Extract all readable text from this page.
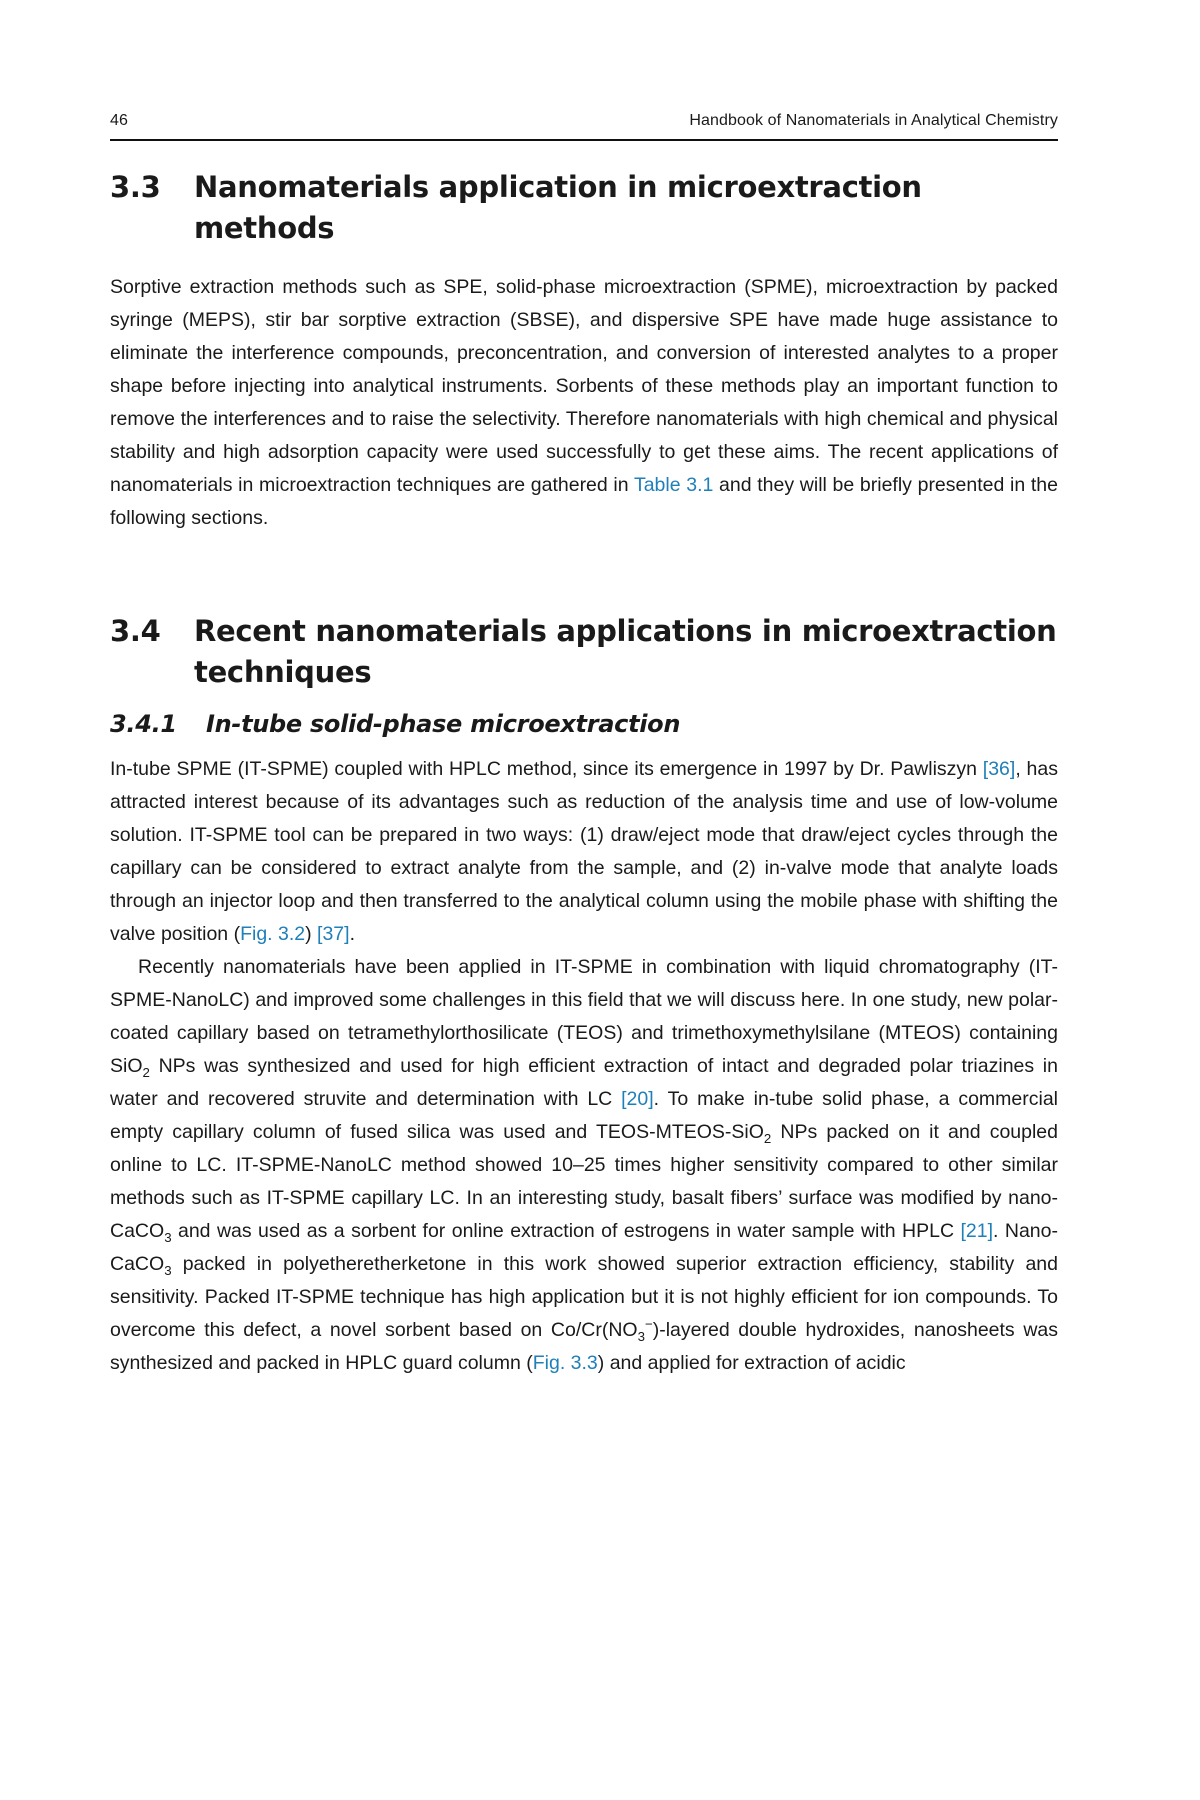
46	Handbook of Nanomaterials in Analytical Chemistry
3.3	Nanomaterials application in microextraction methods

Sorptive extraction methods such as SPE, solid-phase microextraction (SPME), microextraction by packed syringe (MEPS), stir bar sorptive extraction (SBSE), and dispersive SPE have made huge assistance to eliminate the interference compounds, preconcentration, and conversion of interested analytes to a proper shape before injecting into analytical instruments. Sorbents of these methods play an important function to remove the interferences and to raise the selectivity. Therefore nanomaterials with high chemical and physical stability and high adsorption capacity were used successfully to get these aims. The recent applications of nanomaterials in microextraction techniques are gathered in Table 3.1 and they will be briefly presented in the following sections.

3.4	Recent nanomaterials applications in microextraction techniques
3.4.1	In-tube solid-phase microextraction

In-tube SPME (IT-SPME) coupled with HPLC method, since its emergence in 1997 by Dr. Pawliszyn [36], has attracted interest because of its advantages such as reduction of the analysis time and use of low-volume solution. IT-SPME tool can be prepared in two ways: (1) draw/eject mode that draw/eject cycles through the capillary can be considered to extract analyte from the sample, and (2) in-valve mode that analyte loads through an injector loop and then transferred to the analytical column using the mobile phase with shifting the valve position (Fig. 3.2) [37].

Recently nanomaterials have been applied in IT-SPME in combination with liquid chromatography (IT-SPME-NanoLC) and improved some challenges in this field that we will discuss here. In one study, new polar-coated capillary based on tetramethylorthosilicate (TEOS) and trimethoxymethylsilane (MTEOS) containing SiO$_2$ NPs was synthesized and used for high efficient extraction of intact and degraded polar triazines in water and recovered struvite and determination with LC [20]. To make in-tube solid phase, a commercial empty capillary column of fused silica was used and TEOS-MTEOS-SiO$_2$ NPs packed on it and coupled online to LC. IT-SPME-NanoLC method showed 10–25 times higher sensitivity compared to other similar methods such as IT-SPME capillary LC. In an interesting study, basalt fibers’ surface was modified by nano-CaCO$_3$ and was used as a sorbent for online extraction of estrogens in water sample with HPLC [21]. Nano-CaCO$_3$ packed in polyetheretherketone in this work showed superior extraction efficiency, stability and sensitivity. Packed IT-SPME technique has high application but it is not highly efficient for ion compounds. To overcome this defect, a novel sorbent based on $Co/Cr(NO_3^-)$-layered double hydroxides, nanosheets was synthesized and packed in HPLC guard column (Fig. 3.3) and applied for extraction of acidic
